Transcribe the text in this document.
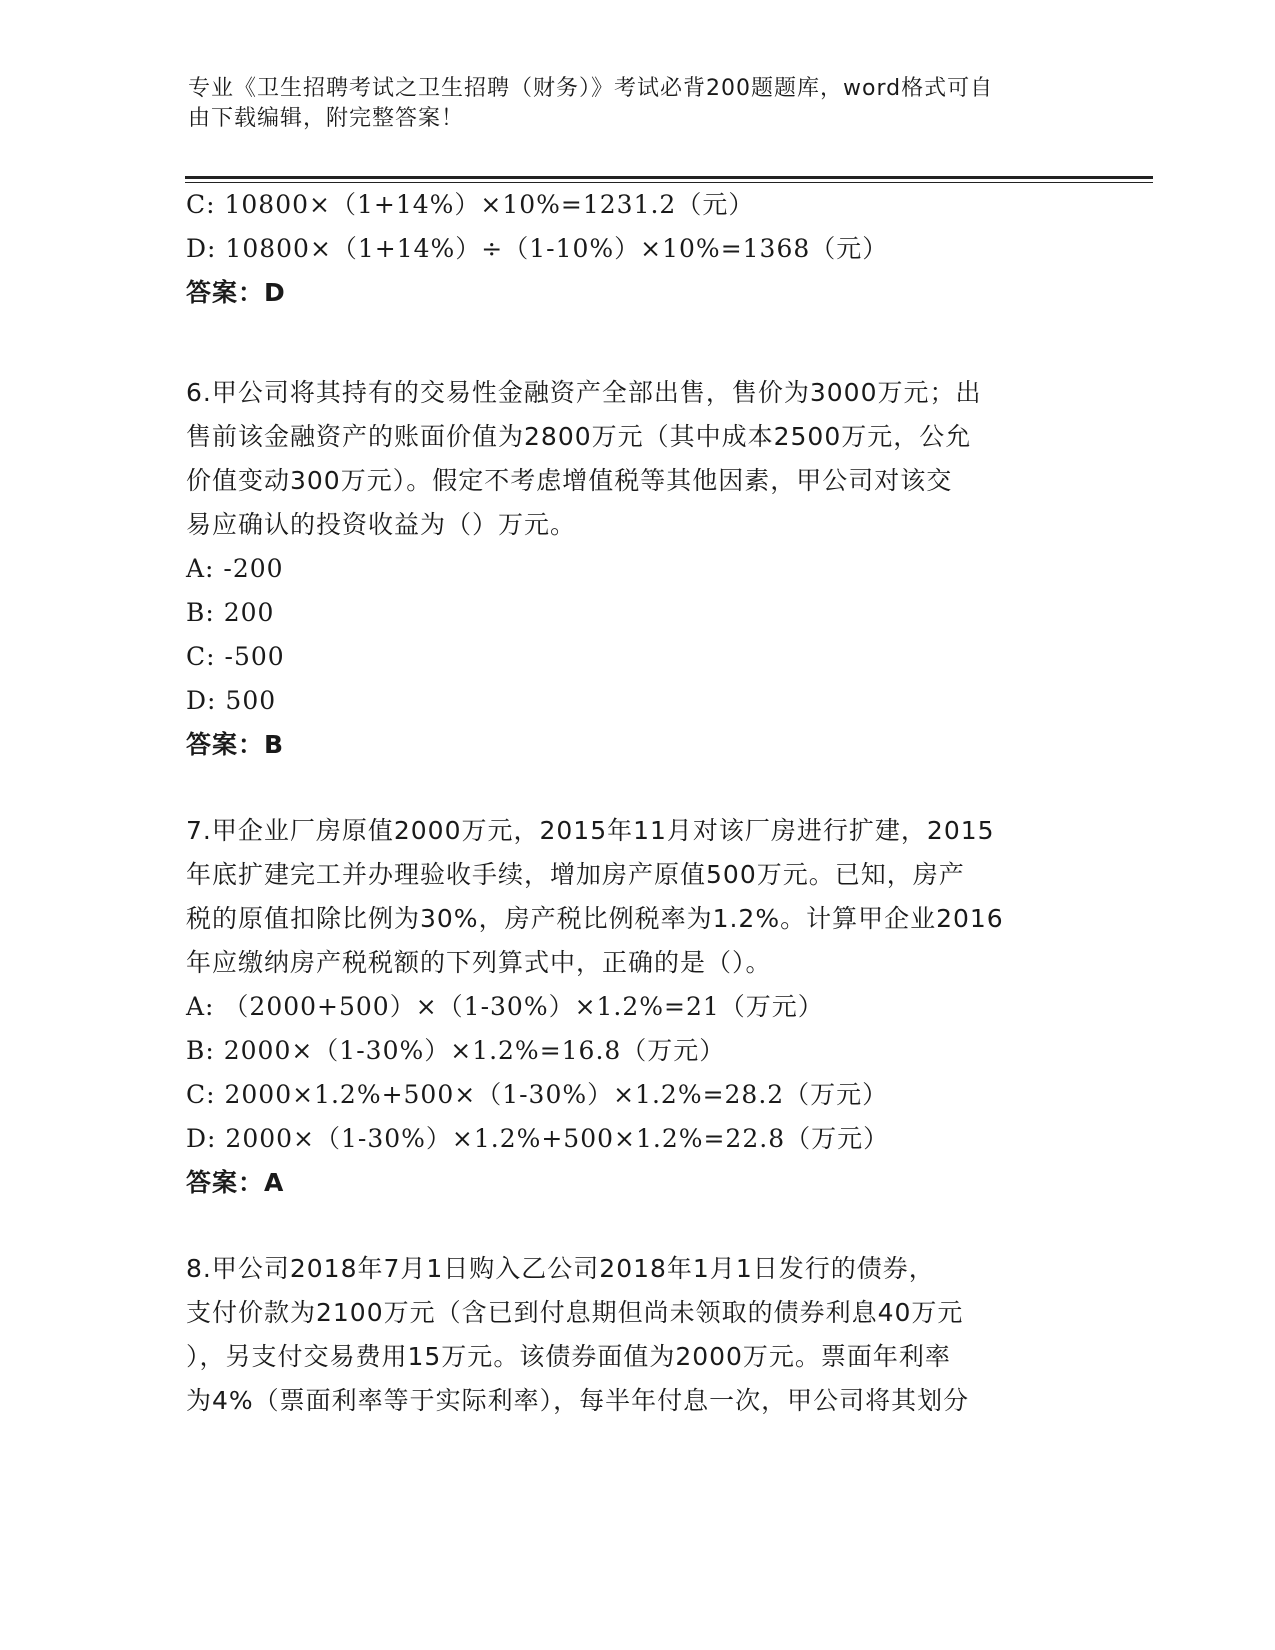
专业《卫生招聘考试之卫生招聘（财务）》考试必背200题题库，word格式可自
由下载编辑，附完整答案！
C: 10800×（1+14%）×10%=1231.2（元）
D: 10800×（1+14%）÷（1-10%）×10%=1368（元）
答案：D
6.甲公司将其持有的交易性金融资产全部出售，售价为3000万元；出
售前该金融资产的账面价值为2800万元（其中成本2500万元，公允
价值变动300万元）。假定不考虑增值税等其他因素，甲公司对该交
易应确认的投资收益为（）万元。
A: -200
B: 200
C: -500
D: 500
答案：B
7.甲企业厂房原值2000万元，2015年11月对该厂房进行扩建，2015
年底扩建完工并办理验收手续，增加房产原值500万元。已知，房产
税的原值扣除比例为30%，房产税比例税率为1.2%。计算甲企业2016
年应缴纳房产税税额的下列算式中，正确的是（）。
A: （2000+500）×（1-30%）×1.2%=21（万元）
B: 2000×（1-30%）×1.2%=16.8（万元）
C: 2000×1.2%+500×（1-30%）×1.2%=28.2（万元）
D: 2000×（1-30%）×1.2%+500×1.2%=22.8（万元）
答案：A
8.甲公司2018年7月1日购入乙公司2018年1月1日发行的债券，
支付价款为2100万元（含已到付息期但尚未领取的债券利息40万元
），另支付交易费用15万元。该债券面值为2000万元。票面年利率
为4%（票面利率等于实际利率），每半年付息一次，甲公司将其划分
